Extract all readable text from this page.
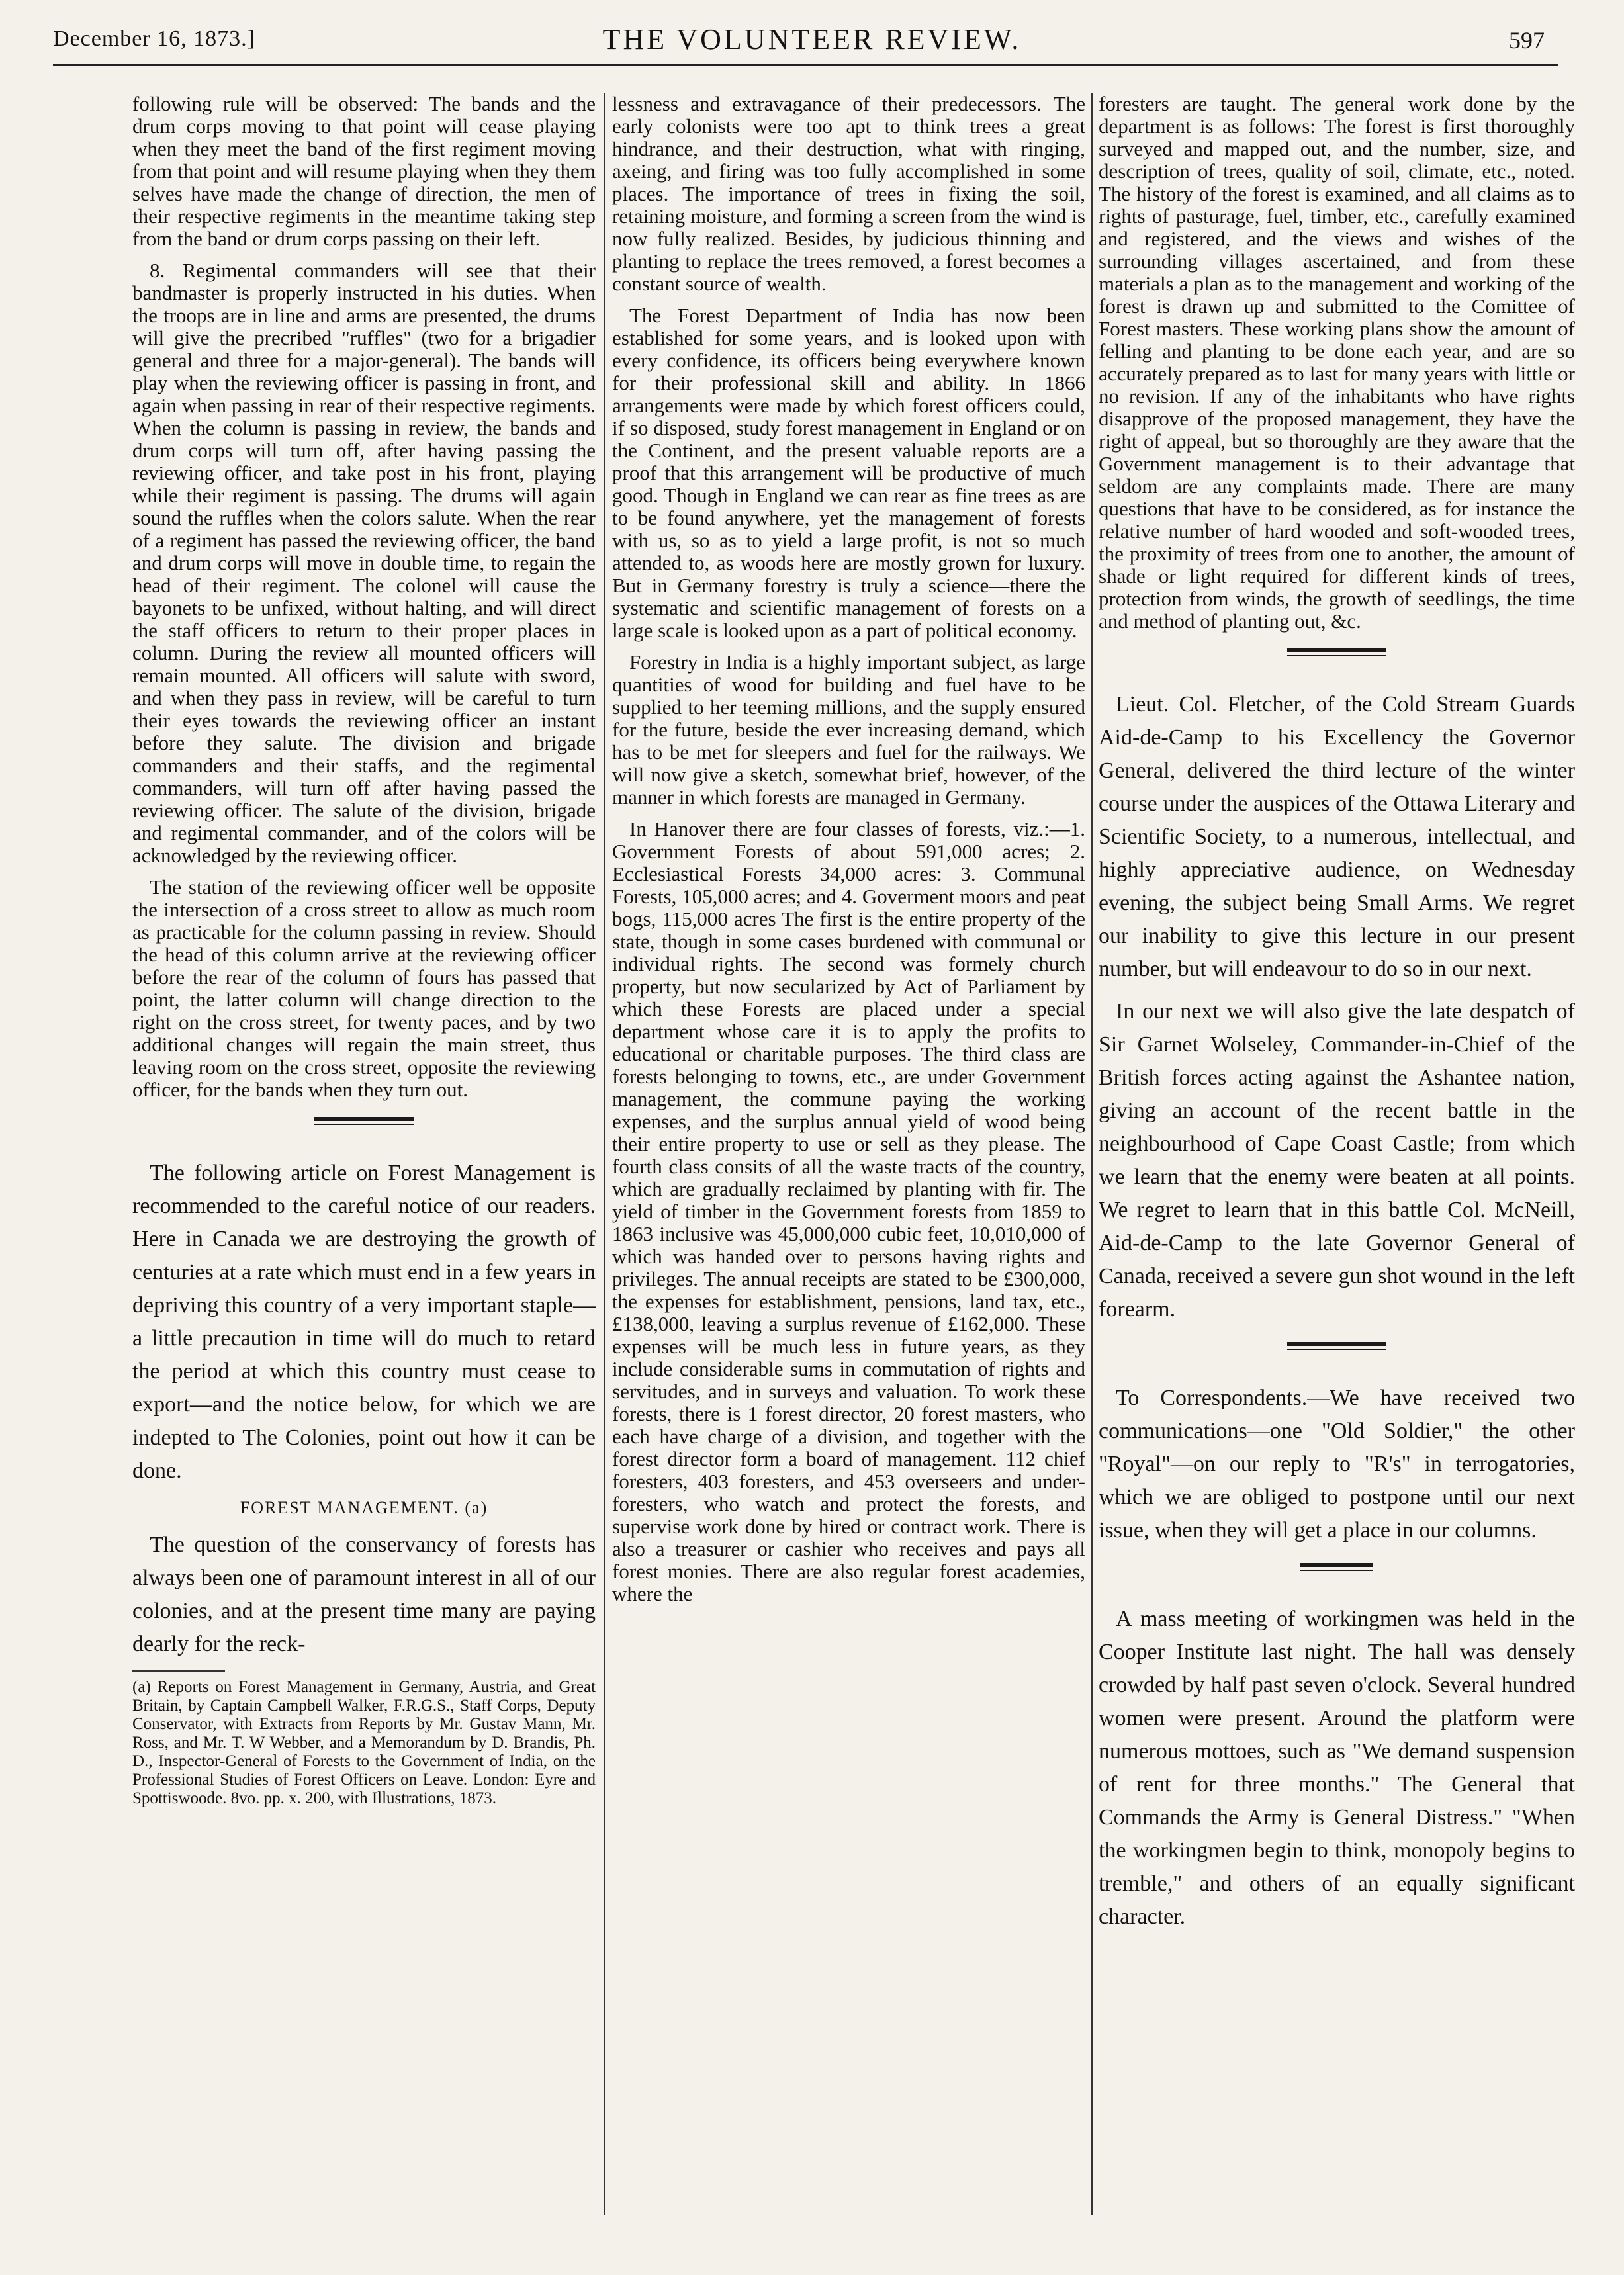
December 16, 1873.]	THE VOLUNTEER REVIEW.	597

following rule will be observed: The bands and the drum corps moving to that point will cease playing when they meet the band of the first regiment moving from that point and will resume playing when they them selves have made the change of direction, the men of their respective regiments in the meantime taking step from the band or drum corps passing on their left.

8. Regimental commanders will see that their bandmaster is properly instructed in his duties. When the troops are in line and arms are presented, the drums will give the precribed "ruffles" (two for a brigadier general and three for a major-general). The bands will play when the reviewing officer is passing in front, and again when passing in rear of their respective regiments. When the column is passing in review, the bands and drum corps will turn off, after having passing the reviewing officer, and take post in his front, playing while their regiment is passing. The drums will again sound the ruffles when the colors salute. When the rear of a regiment has passed the reviewing officer, the band and drum corps will move in double time, to regain the head of their regiment. The colonel will cause the bayonets to be unfixed, without halting, and will direct the staff officers to return to their proper places in column. During the review all mounted officers will remain mounted. All officers will salute with sword, and when they pass in review, will be careful to turn their eyes towards the reviewing officer an instant before they salute. The division and brigade commanders and their staffs, and the regimental commanders, will turn off after having passed the reviewing officer. The salute of the division, brigade and regimental commander, and of the colors will be acknowledged by the reviewing officer.

The station of the reviewing officer well be opposite the intersection of a cross street to allow as much room as practicable for the column passing in review. Should the head of this column arrive at the reviewing officer before the rear of the column of fours has passed that point, the latter column will change direction to the right on the cross street, for twenty paces, and by two additional changes will regain the main street, thus leaving room on the cross street, opposite the reviewing officer, for the bands when they turn out.

The following article on Forest Management is recommended to the careful notice of our readers. Here in Canada we are destroying the growth of centuries at a rate which must end in a few years in depriving this country of a very important staple— a little precaution in time will do much to retard the period at which this country must cease to export—and the notice below, for which we are indepted to The Colonies, point out how it can be done.

FOREST MANAGEMENT. (a)

The question of the conservancy of forests has always been one of paramount interest in all of our colonies, and at the present time many are paying dearly for the reck-

(a) Reports on Forest Management in Germany, Austria, and Great Britain, by Captain Campbell Walker, F.R.G.S., Staff Corps, Deputy Conservator, with Extracts from Reports by Mr. Gustav Mann, Mr. Ross, and Mr. T. W Webber, and a Memorandum by D. Brandis, Ph. D., Inspector-General of Forests to the Government of India, on the Professional Studies of Forest Officers on Leave. London: Eyre and Spottiswoode. 8vo. pp. x. 200, with Illustrations, 1873.

lessness and extravagance of their predecessors. The early colonists were too apt to think trees a great hindrance, and their destruction, what with ringing, axeing, and firing was too fully accomplished in some places. The importance of trees in fixing the soil, retaining moisture, and forming a screen from the wind is now fully realized. Besides, by judicious thinning and planting to replace the trees removed, a forest becomes a constant source of wealth.

The Forest Department of India has now been established for some years, and is looked upon with every confidence, its officers being everywhere known for their professional skill and ability. In 1866 arrangements were made by which forest officers could, if so disposed, study forest management in England or on the Continent, and the present valuable reports are a proof that this arrangement will be productive of much good. Though in England we can rear as fine trees as are to be found anywhere, yet the management of forests with us, so as to yield a large profit, is not so much attended to, as woods here are mostly grown for luxury. But in Germany forestry is truly a science—there the systematic and scientific management of forests on a large scale is looked upon as a part of political economy.

Forestry in India is a highly important subject, as large quantities of wood for building and fuel have to be supplied to her teeming millions, and the supply ensured for the future, beside the ever increasing demand, which has to be met for sleepers and fuel for the railways. We will now give a sketch, somewhat brief, however, of the manner in which forests are managed in Germany.

In Hanover there are four classes of forests, viz.:—1. Government Forests of about 591,000 acres; 2. Ecclesiastical Forests 34,000 acres: 3. Communal Forests, 105,000 acres; and 4. Goverment moors and peat bogs, 115,000 acres The first is the entire property of the state, though in some cases burdened with communal or individual rights. The second was formely church property, but now secularized by Act of Parliament by which these Forests are placed under a special department whose care it is to apply the profits to educational or charitable purposes. The third class are forests belonging to towns, etc., are under Government management, the commune paying the working expenses, and the surplus annual yield of wood being their entire property to use or sell as they please. The fourth class consits of all the waste tracts of the country, which are gradually reclaimed by planting with fir. The yield of timber in the Government forests from 1859 to 1863 inclusive was 45,000,000 cubic feet, 10,010,000 of which was handed over to persons having rights and privileges. The annual receipts are stated to be £300,000, the expenses for establishment, pensions, land tax, etc., £138,000, leaving a surplus revenue of £162,000. These expenses will be much less in future years, as they include considerable sums in commutation of rights and servitudes, and in surveys and valuation. To work these forests, there is 1 forest director, 20 forest masters, who each have charge of a division, and together with the forest director form a board of management. 112 chief foresters, 403 foresters, and 453 overseers and under-foresters, who watch and protect the forests, and supervise work done by hired or contract work. There is also a treasurer or cashier who receives and pays all forest monies. There are also regular forest academies, where the

foresters are taught. The general work done by the department is as follows: The forest is first thoroughly surveyed and mapped out, and the number, size, and description of trees, quality of soil, climate, etc., noted. The history of the forest is examined, and all claims as to rights of pasturage, fuel, timber, etc., carefully examined and registered, and the views and wishes of the surrounding villages ascertained, and from these materials a plan as to the management and working of the forest is drawn up and submitted to the Comittee of Forest masters. These working plans show the amount of felling and planting to be done each year, and are so accurately prepared as to last for many years with little or no revision. If any of the inhabitants who have rights disapprove of the proposed management, they have the right of appeal, but so thoroughly are they aware that the Government management is to their advantage that seldom are any complaints made. There are many questions that have to be considered, as for instance the relative number of hard wooded and soft-wooded trees, the proximity of trees from one to another, the amount of shade or light required for different kinds of trees, protection from winds, the growth of seedlings, the time and method of planting out, &c.

Lieut. Col. Fletcher, of the Cold Stream Guards Aid-de-Camp to his Excellency the Governor General, delivered the third lecture of the winter course under the auspices of the Ottawa Literary and Scientific Society, to a numerous, intellectual, and highly appreciative audience, on Wednesday evening, the subject being Small Arms. We regret our inability to give this lecture in our present number, but will endeavour to do so in our next.

In our next we will also give the late despatch of Sir Garnet Wolseley, Commander-in-Chief of the British forces acting against the Ashantee nation, giving an account of the recent battle in the neighbourhood of Cape Coast Castle; from which we learn that the enemy were beaten at all points. We regret to learn that in this battle Col. McNeill, Aid-de-Camp to the late Governor General of Canada, received a severe gun shot wound in the left forearm.

To Correspondents.—We have received two communications—one "Old Soldier," the other "Royal"—on our reply to "R's" in terrogatories, which we are obliged to postpone until our next issue, when they will get a place in our columns.

A mass meeting of workingmen was held in the Cooper Institute last night. The hall was densely crowded by half past seven o'clock. Several hundred women were present. Around the platform were numerous mottoes, such as "We demand suspension of rent for three months." The General that Commands the Army is General Distress." "When the workingmen begin to think, monopoly begins to tremble," and others of an equally significant character.
